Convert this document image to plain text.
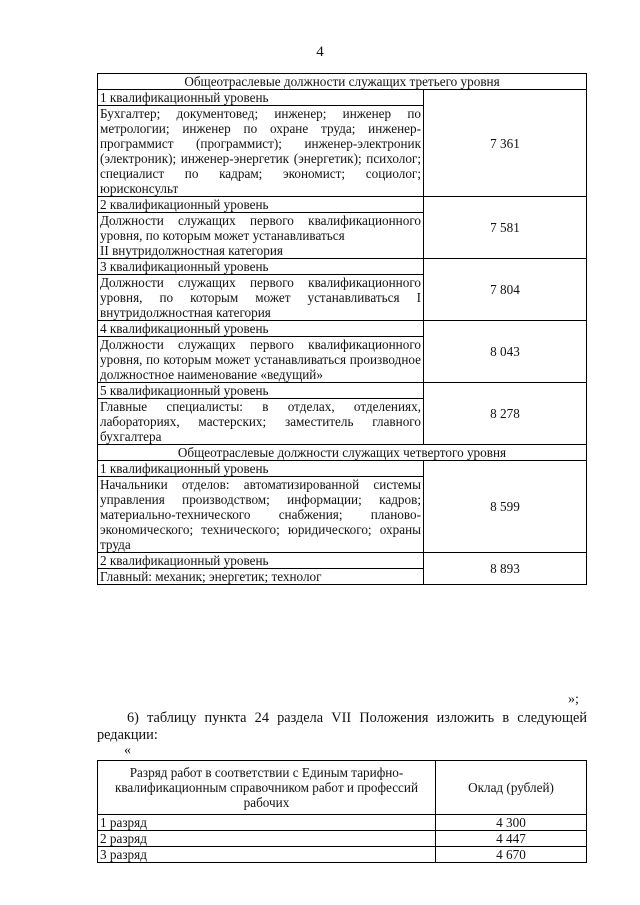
4
Общеотраслевые должности служащих третьего уровня	
1 квалификационный уровень	7 361
Бухгалтер; документовед; инженер; инженер по метрологии; инженер по охране труда; инженер-программист (программист); инженер-электроник (электроник); инженер-энергетик (энергетик); психолог; специалист по кадрам; экономист; социолог; юрисконсульт	
2 квалификационный уровень	7 581

Должности служащих первого квалификационного уровня, по которым может устанавливаться
II внутридолжностная категория	

3 квалификационный уровень	7 804
Должности служащих первого квалификационного уровня, по которым может устанавливаться I внутридолжностная категория	
4 квалификационный уровень	8 043
Должности служащих первого квалификационного уровня, по которым может устанавливаться производное должностное наименование «ведущий»	
5 квалификационный уровень	8 278
Главные специалисты: в отделах, отделениях, лабораториях, мастерских; заместитель главного бухгалтера	
Общеотраслевые должности служащих четвертого уровня	
1 квалификационный уровень	8 599
Начальники отделов: автоматизированной системы управления производством; информации; кадров; материально-технического снабжения; планово-экономического; технического; юридического; охраны труда	
2 квалификационный уровень	8 893
Главный: механик; энергетик; технолог	
»;
6) таблицу пункта 24 раздела VII Положения изложить в следующей редакции:
«
Разряд работ в соответствии с Единым тарифно-квалификационным справочником работ и профессий рабочих	Оклад (рублей)
1 разряд	4 300
2 разряд	4 447
3 разряд	4 670
